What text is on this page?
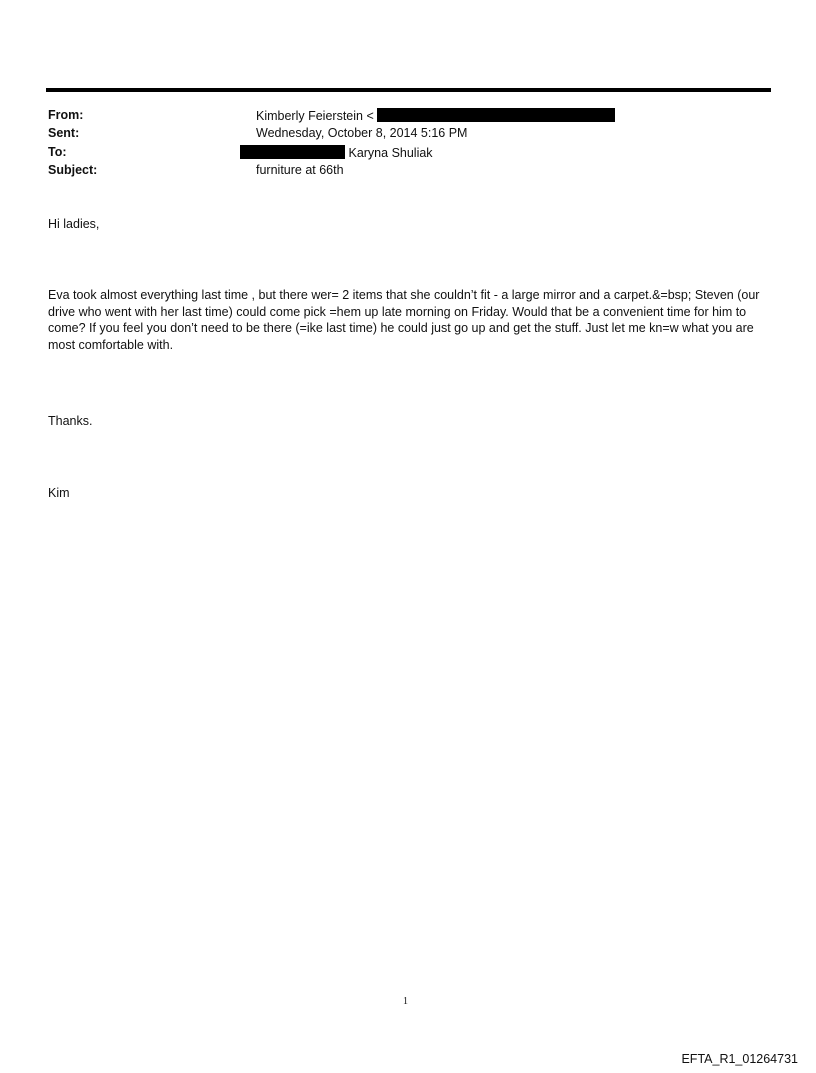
From:	Kimberly Feierstein <
Sent:	Wednesday, October 8, 2014 5:16 PM
To:	Karyna Shuliak
Subject:	furniture at 66th
Hi ladies,
Eva took almost everything last time , but there wer= 2 items that she couldn’t fit - a large mirror and a carpet.&=bsp; Steven (our drive who went with her last time) could come pick =hem up late morning on Friday. Would that be a convenient time for him to come? If you feel you don’t need to be there (=ike last time) he could just go up and get the stuff. Just let me kn=w what you are most comfortable with.
Thanks.
Kim
1
EFTA_R1_01264731
